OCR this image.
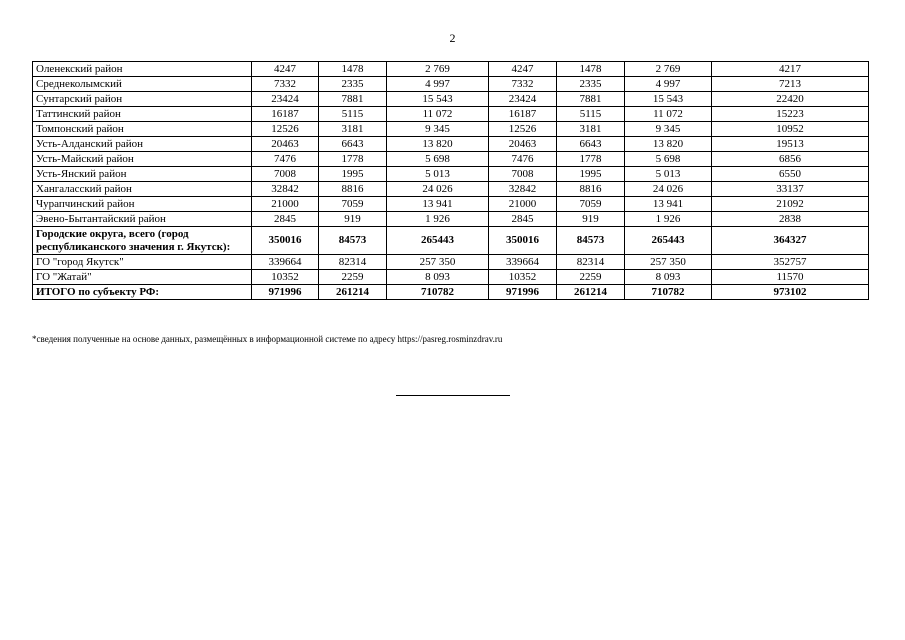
2
Оленекский район	4247	1478	2 769	4247	1478	2 769	4217
Среднеколымский	7332	2335	4 997	7332	2335	4 997	7213
Сунтарский район	23424	7881	15 543	23424	7881	15 543	22420
Таттинский район	16187	5115	11 072	16187	5115	11 072	15223
Томпонский район	12526	3181	9 345	12526	3181	9 345	10952
Усть-Алданский район	20463	6643	13 820	20463	6643	13 820	19513
Усть-Майский район	7476	1778	5 698	7476	1778	5 698	6856
Усть-Янский район	7008	1995	5 013	7008	1995	5 013	6550
Хангаласский район	32842	8816	24 026	32842	8816	24 026	33137
Чурапчинский район	21000	7059	13 941	21000	7059	13 941	21092
Эвено-Бытантайский район	2845	919	1 926	2845	919	1 926	2838
Городские округа, всего (город республиканского значения г. Якутск):	350016	84573	265443	350016	84573	265443	364327
ГО "город Якутск"	339664	82314	257 350	339664	82314	257 350	352757
ГО "Жатай"	10352	2259	8 093	10352	2259	8 093	11570
ИТОГО по субъекту РФ:	971996	261214	710782	971996	261214	710782	973102
*сведения полученные на основе данных, размещённых в информационной системе по адресу https://pasreg.rosminzdrav.ru
